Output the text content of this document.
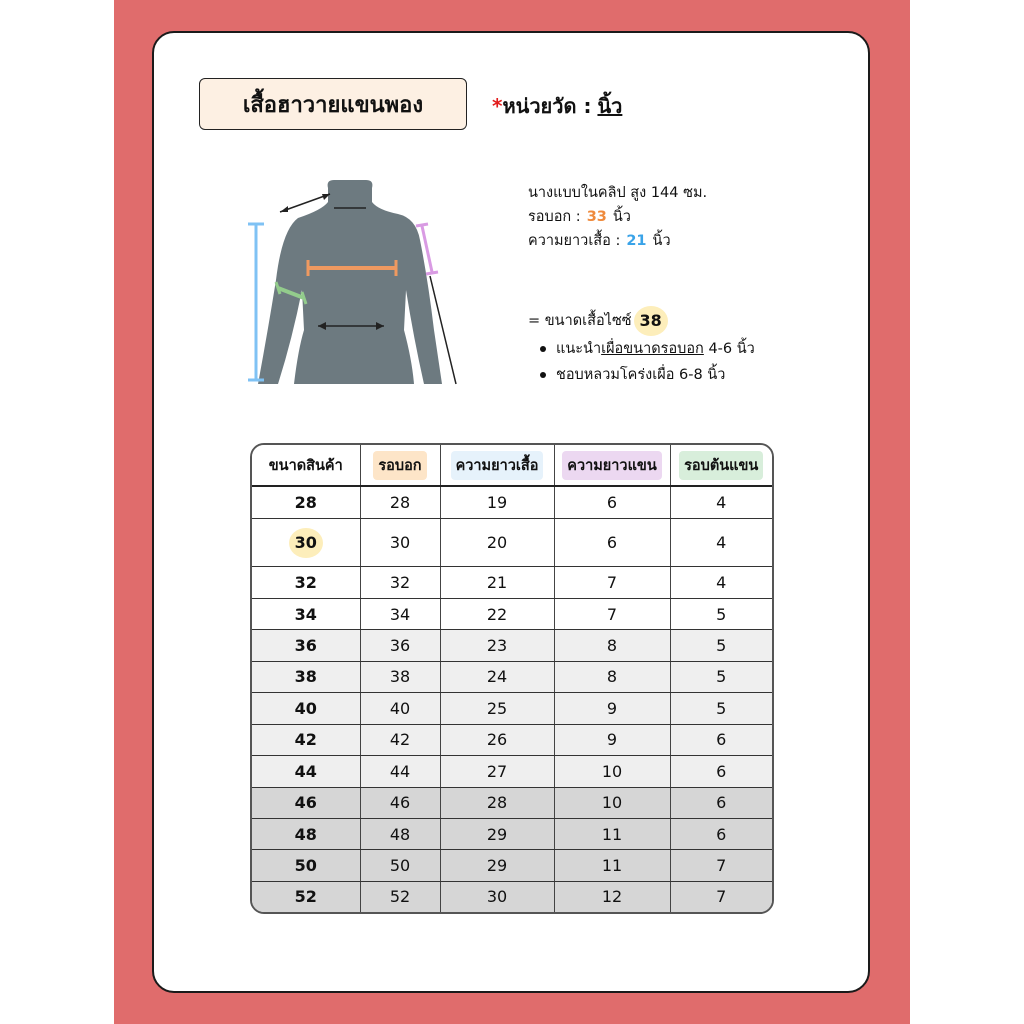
เสื้อฮาวายแขนพอง	* หน่วยวัด : นิ้ว
นางแบบในคลิป สูง 144 ซม.
รอบอก : 33 นิ้ว
ความยาวเสื้อ : 21 นิ้ว
= ขนาดเสื้อไซซ์ 38
แนะนำ เผื่อขนาดรอบอก 4-6 นิ้ว
ชอบหลวมโคร่งเผื่อ 6-8 นิ้ว
ขนาดสินค้า	รอบอก	ความยาวเสื้อ	ความยาวแขน	รอบต้นแขน
28	28	19	6	4
30	30	20	6	4
32	32	21	7	4
34	34	22	7	5
36	36	23	8	5
38	38	24	8	5
40	40	25	9	5
42	42	26	9	6
44	44	27	10	6
46	46	28	10	6
48	48	29	11	6
50	50	29	11	7
52	52	30	12	7
